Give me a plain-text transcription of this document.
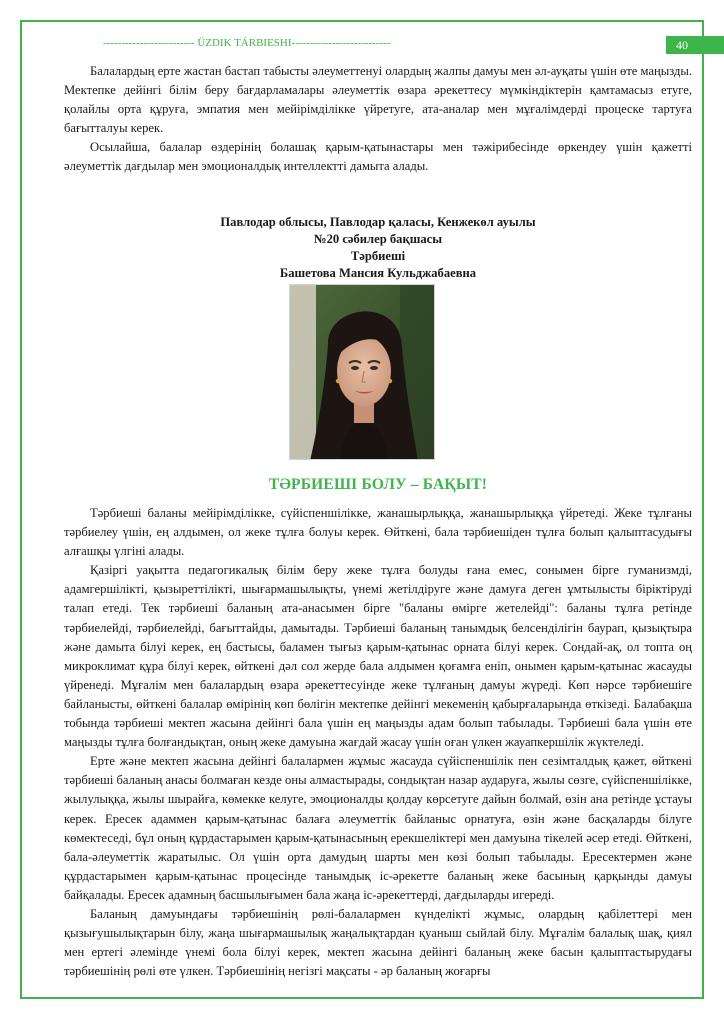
------------------------- ÜZDIK TÁRBIESHI---------------------------	40

Балалардың ерте жастан бастап табысты әлеуметтенуі олардың жалпы дамуы мен әл-ауқаты үшін өте маңызды. Мектепке дейінгі білім беру бағдарламалары әлеуметтік өзара әрекеттесу мүмкіндіктерін қамтамасыз етуге, қолайлы орта құруға, эмпатия мен мейірімділікке үйретуге, ата-аналар мен мұғалімдерді процеске тартуға бағытталуы керек.

Осылайша, балалар өздерінің болашақ қарым-қатынастары мен тәжірибесінде өркендеу үшін қажетті әлеуметтік дағдылар мен эмоционалдық интеллектті дамыта алады.

Павлодар облысы, Павлодар қаласы, Кенжекөл ауылы
№20 сәбилер бақшасы
Тәрбиеші
Башетова Мансия Кульджабаевна
ТӘРБИЕШІ БОЛУ – БАҚЫТ!

Тәрбиеші баланы мейірімділікке, сүйіспеншілікке, жанашырлыққа, жанашырлыққа үйретеді. Жеке тұлғаны тәрбиелеу үшін, ең алдымен, ол жеке тұлға болуы керек. Өйткені, бала тәрбиешіден тұлға болып қалыптасудығы алғашқы үлгіні алады.

Қазіргі уақытта педагогикалық білім беру жеке тұлға болуды ғана емес, сонымен бірге гуманизмді, адамгершілікті, қызыреттілікті, шығармашылықты, үнемі жетілдіруге және дамуға деген ұмтылысты біріктіруді талап етеді. Тек тәрбиеші баланың ата-анасымен бірге "баланы өмірге жетелейді": баланы тұлға ретінде тәрбиелейді, тәрбиелейді, бағыттайды, дамытады. Тәрбиеші баланың танымдық белсенділігін баурап, қызықтыра және дамыта білуі керек, ең бастысы, баламен тығыз қарым-қатынас орната білуі керек. Сондай-ақ, ол топта оң микроклимат құра білуі керек, өйткені дәл сол жерде бала алдымен қоғамға еніп, онымен қарым-қатынас жасауды үйренеді. Мұғалім мен балалардың өзара әрекеттесуінде жеке тұлғаның дамуы жүреді. Көп нәрсе тәрбиешіге байланысты, өйткені балалар өмірінің көп бөлігін мектепке дейінгі мекеменің қабырғаларында өткізеді. Балабақша тобында тәрбиеші мектеп жасына дейінгі бала үшін ең маңызды адам болып табылады. Тәрбиеші бала үшін өте маңызды тұлға болғандықтан, оның жеке дамуына жағдай жасау үшін оған үлкен жауапкершілік жүктеледі.

Ерте және мектеп жасына дейінгі балалармен жұмыс жасауда сүйіспеншілік пен сезімталдық қажет, өйткені тәрбиеші баланың анасы болмаған кезде оны алмастырады, сондықтан назар аударуға, жылы сөзге, сүйіспеншілікке, жылулыққа, жылы шырайға, көмекке келуге, эмоционалды қолдау көрсетуге дайын болмай, өзін ана ретінде ұстауы керек. Ересек адаммен қарым-қатынас балаға әлеуметтік байланыс орнатуға, өзін және басқаларды білуге көмектеседі, бұл оның құрдастарымен қарым-қатынасының ерекшеліктері мен дамуына тікелей әсер етеді. Өйткені, бала-әлеуметтік жаратылыс. Ол үшін орта дамудың шарты мен көзі болып табылады. Ересектермен және құрдастарымен қарым-қатынас процесінде танымдық іс-әрекетте баланың жеке басының қарқынды дамуы байқалады. Ересек адамның басшылығымен бала жаңа іс-әрекеттерді, дағдыларды игереді.

Баланың дамуындағы тәрбиешінің рөлі-балалармен күнделікті жұмыс, олардың қабілеттері мен қызығушылықтарын білу, жаңа шығармашылық жаңалықтардан қуаныш сыйлай білу. Мұғалім балалық шақ, қиял мен ертегі әлемінде үнемі бола білуі керек, мектеп жасына дейінгі баланың жеке басын қалыптастырудағы тәрбиешінің рөлі өте үлкен. Тәрбиешінің негізгі мақсаты - әр баланың жоғарғы
